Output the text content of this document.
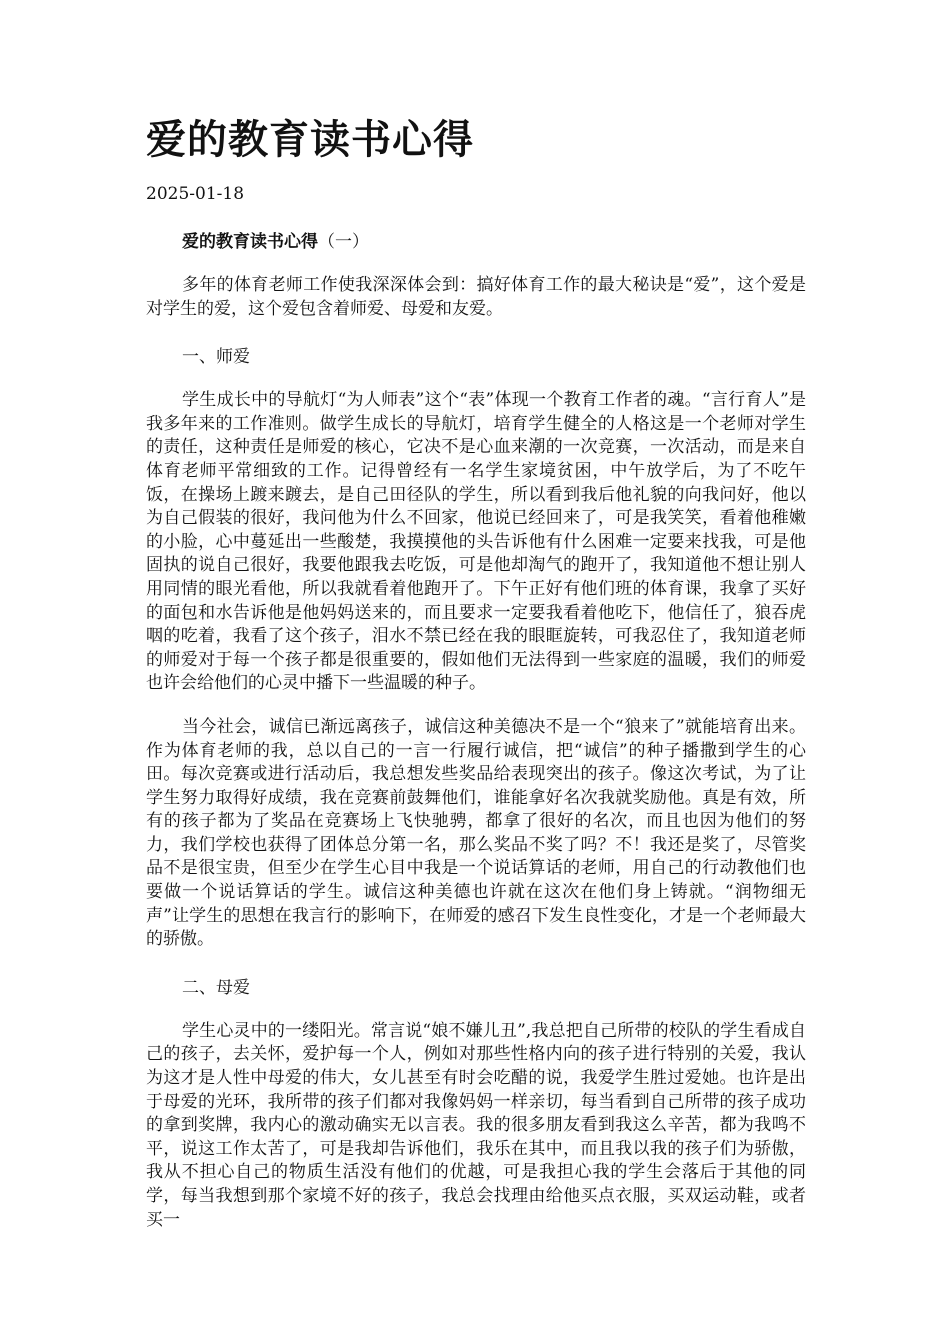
爱的教育读书心得
2025-01-18
爱的教育读书心得（一）

多年的体育老师工作使我深深体会到：搞好体育工作的最大秘诀是“爱”，这个爱是对学生的爱，这个爱包含着师爱、母爱和友爱。

一、师爱

学生成长中的导航灯“为人师表”这个“表”体现一个教育工作者的魂。“言行育人”是我多年来的工作准则。做学生成长的导航灯，培育学生健全的人格这是一个老师对学生的责任，这种责任是师爱的核心，它决不是心血来潮的一次竞赛，一次活动，而是来自体育老师平常细致的工作。记得曾经有一名学生家境贫困，中午放学后，为了不吃午饭，在操场上踱来踱去，是自己田径队的学生，所以看到我后他礼貌的向我问好，他以为自己假装的很好，我问他为什么不回家，他说已经回来了，可是我笑笑，看着他稚嫩的小脸，心中蔓延出一些酸楚，我摸摸他的头告诉他有什么困难一定要来找我，可是他固执的说自己很好，我要他跟我去吃饭，可是他却淘气的跑开了，我知道他不想让别人用同情的眼光看他，所以我就看着他跑开了。下午正好有他们班的体育课，我拿了买好的面包和水告诉他是他妈妈送来的，而且要求一定要我看着他吃下，他信任了，狼吞虎咽的吃着，我看了这个孩子，泪水不禁已经在我的眼眶旋转，可我忍住了，我知道老师的师爱对于每一个孩子都是很重要的，假如他们无法得到一些家庭的温暖，我们的师爱也许会给他们的心灵中播下一些温暖的种子。

当今社会，诚信已渐远离孩子，诚信这种美德决不是一个“狼来了”就能培育出来。作为体育老师的我，总以自己的一言一行履行诚信，把“诚信”的种子播撒到学生的心田。每次竞赛或进行活动后，我总想发些奖品给表现突出的孩子。像这次考试，为了让学生努力取得好成绩，我在竞赛前鼓舞他们，谁能拿好名次我就奖励他。真是有效，所有的孩子都为了奖品在竞赛场上飞快驰骋，都拿了很好的名次，而且也因为他们的努力，我们学校也获得了团体总分第一名，那么奖品不奖了吗？不！我还是奖了，尽管奖品不是很宝贵，但至少在学生心目中我是一个说话算话的老师，用自己的行动教他们也要做一个说话算话的学生。诚信这种美德也许就在这次在他们身上铸就。“润物细无声”让学生的思想在我言行的影响下，在师爱的感召下发生良性变化，才是一个老师最大的骄傲。

二、母爱

学生心灵中的一缕阳光。常言说“娘不嫌儿丑”,我总把自己所带的校队的学生看成自己的孩子，去关怀，爱护每一个人，例如对那些性格内向的孩子进行特别的关爱，我认为这才是人性中母爱的伟大，女儿甚至有时会吃醋的说，我爱学生胜过爱她。也许是出于母爱的光环，我所带的孩子们都对我像妈妈一样亲切，每当看到自己所带的孩子成功的拿到奖牌，我内心的激动确实无以言表。我的很多朋友看到我这么辛苦，都为我鸣不平，说这工作太苦了，可是我却告诉他们，我乐在其中，而且我以我的孩子们为骄傲，我从不担心自己的物质生活没有他们的优越，可是我担心我的学生会落后于其他的同学，每当我想到那个家境不好的孩子，我总会找理由给他买点衣服，买双运动鞋，或者买一
